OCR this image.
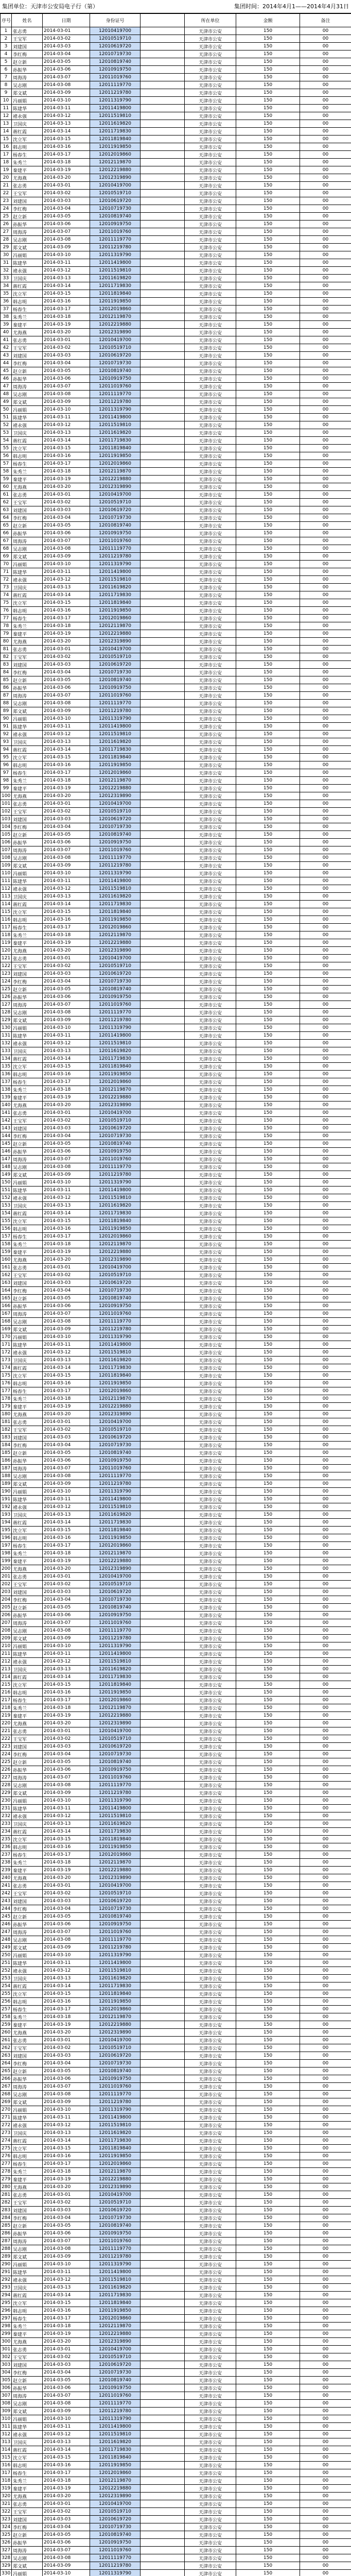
集团单位：天津市公安局电子行（第）	集团时间：2014年4月1——2014年4月31日
序号	姓名	日期	身份证号		所在单位	金额	备注
1	张志勇	2014-03-01	12010419700		天津市公安	150	00
2	王宝军	2014-03-02	12010519710		天津市公安	150	00
3	刘建国	2014-03-03	12010619720		天津市公安	150	00
4	李红梅	2014-03-04	12010719730		天津市公安	150	00
5	赵立新	2014-03-05	12010819740		天津市公安	150	00
6	孙振华	2014-03-06	12010919750		天津市公安	150	00
7	周海涛	2014-03-07	12011019760		天津市公安	150	00
8	吴志刚	2014-03-08	12011119770		天津市公安	150	00
9	郑文斌	2014-03-09	12011219780		天津市公安	150	00
10	冯丽娟	2014-03-10	12011319790		天津市公安	150	00
11	陈建华	2014-03-11	12011419800		天津市公安	150	00
12	褚永强	2014-03-12	12011519810		天津市公安	150	00
13	卫国庆	2014-03-13	12011619820		天津市公安	150	00
14	蒋红霞	2014-03-14	12011719830		天津市公安	150	00
15	沈立军	2014-03-15	12011819840		天津市公安	150	00
16	韩志明	2014-03-16	12011919850		天津市公安	150	00
17	杨春生	2014-03-17	12012019860		天津市公安	150	00
18	朱秀兰	2014-03-18	12012119870		天津市公安	150	00
19	秦建平	2014-03-19	12012219880		天津市公安	150	00
20	尤海燕	2014-03-20	12012319890		天津市公安	150	00
21	张志勇	2014-03-01	12010419700		天津市公安	150	00
22	王宝军	2014-03-02	12010519710		天津市公安	150	00
23	刘建国	2014-03-03	12010619720		天津市公安	150	00
24	李红梅	2014-03-04	12010719730		天津市公安	150	00
25	赵立新	2014-03-05	12010819740		天津市公安	150	00
26	孙振华	2014-03-06	12010919750		天津市公安	150	00
27	周海涛	2014-03-07	12011019760		天津市公安	150	00
28	吴志刚	2014-03-08	12011119770		天津市公安	150	00
29	郑文斌	2014-03-09	12011219780		天津市公安	150	00
30	冯丽娟	2014-03-10	12011319790		天津市公安	150	00
31	陈建华	2014-03-11	12011419800		天津市公安	150	00
32	褚永强	2014-03-12	12011519810		天津市公安	150	00
33	卫国庆	2014-03-13	12011619820		天津市公安	150	00
34	蒋红霞	2014-03-14	12011719830		天津市公安	150	00
35	沈立军	2014-03-15	12011819840		天津市公安	150	00
36	韩志明	2014-03-16	12011919850		天津市公安	150	00
37	杨春生	2014-03-17	12012019860		天津市公安	150	00
38	朱秀兰	2014-03-18	12012119870		天津市公安	150	00
39	秦建平	2014-03-19	12012219880		天津市公安	150	00
40	尤海燕	2014-03-20	12012319890		天津市公安	150	00
41	张志勇	2014-03-01	12010419700		天津市公安	150	00
42	王宝军	2014-03-02	12010519710		天津市公安	150	00
43	刘建国	2014-03-03	12010619720		天津市公安	150	00
44	李红梅	2014-03-04	12010719730		天津市公安	150	00
45	赵立新	2014-03-05	12010819740		天津市公安	150	00
46	孙振华	2014-03-06	12010919750		天津市公安	150	00
47	周海涛	2014-03-07	12011019760		天津市公安	150	00
48	吴志刚	2014-03-08	12011119770		天津市公安	150	00
49	郑文斌	2014-03-09	12011219780		天津市公安	150	00
50	冯丽娟	2014-03-10	12011319790		天津市公安	150	00
51	陈建华	2014-03-11	12011419800		天津市公安	150	00
52	褚永强	2014-03-12	12011519810		天津市公安	150	00
53	卫国庆	2014-03-13	12011619820		天津市公安	150	00
54	蒋红霞	2014-03-14	12011719830		天津市公安	150	00
55	沈立军	2014-03-15	12011819840		天津市公安	150	00
56	韩志明	2014-03-16	12011919850		天津市公安	150	00
57	杨春生	2014-03-17	12012019860		天津市公安	150	00
58	朱秀兰	2014-03-18	12012119870		天津市公安	150	00
59	秦建平	2014-03-19	12012219880		天津市公安	150	00
60	尤海燕	2014-03-20	12012319890		天津市公安	150	00
61	张志勇	2014-03-01	12010419700		天津市公安	150	00
62	王宝军	2014-03-02	12010519710		天津市公安	150	00
63	刘建国	2014-03-03	12010619720		天津市公安	150	00
64	李红梅	2014-03-04	12010719730		天津市公安	150	00
65	赵立新	2014-03-05	12010819740		天津市公安	150	00
66	孙振华	2014-03-06	12010919750		天津市公安	150	00
67	周海涛	2014-03-07	12011019760		天津市公安	150	00
68	吴志刚	2014-03-08	12011119770		天津市公安	150	00
69	郑文斌	2014-03-09	12011219780		天津市公安	150	00
70	冯丽娟	2014-03-10	12011319790		天津市公安	150	00
71	陈建华	2014-03-11	12011419800		天津市公安	150	00
72	褚永强	2014-03-12	12011519810		天津市公安	150	00
73	卫国庆	2014-03-13	12011619820		天津市公安	150	00
74	蒋红霞	2014-03-14	12011719830		天津市公安	150	00
75	沈立军	2014-03-15	12011819840		天津市公安	150	00
76	韩志明	2014-03-16	12011919850		天津市公安	150	00
77	杨春生	2014-03-17	12012019860		天津市公安	150	00
78	朱秀兰	2014-03-18	12012119870		天津市公安	150	00
79	秦建平	2014-03-19	12012219880		天津市公安	150	00
80	尤海燕	2014-03-20	12012319890		天津市公安	150	00
81	张志勇	2014-03-01	12010419700		天津市公安	150	00
82	王宝军	2014-03-02	12010519710		天津市公安	150	00
83	刘建国	2014-03-03	12010619720		天津市公安	150	00
84	李红梅	2014-03-04	12010719730		天津市公安	150	00
85	赵立新	2014-03-05	12010819740		天津市公安	150	00
86	孙振华	2014-03-06	12010919750		天津市公安	150	00
87	周海涛	2014-03-07	12011019760		天津市公安	150	00
88	吴志刚	2014-03-08	12011119770		天津市公安	150	00
89	郑文斌	2014-03-09	12011219780		天津市公安	150	00
90	冯丽娟	2014-03-10	12011319790		天津市公安	150	00
91	陈建华	2014-03-11	12011419800		天津市公安	150	00
92	褚永强	2014-03-12	12011519810		天津市公安	150	00
93	卫国庆	2014-03-13	12011619820		天津市公安	150	00
94	蒋红霞	2014-03-14	12011719830		天津市公安	150	00
95	沈立军	2014-03-15	12011819840		天津市公安	150	00
96	韩志明	2014-03-16	12011919850		天津市公安	150	00
97	杨春生	2014-03-17	12012019860		天津市公安	150	00
98	朱秀兰	2014-03-18	12012119870		天津市公安	150	00
99	秦建平	2014-03-19	12012219880		天津市公安	150	00
100	尤海燕	2014-03-20	12012319890		天津市公安	150	00
101	张志勇	2014-03-01	12010419700		天津市公安	150	00
102	王宝军	2014-03-02	12010519710		天津市公安	150	00
103	刘建国	2014-03-03	12010619720		天津市公安	150	00
104	李红梅	2014-03-04	12010719730		天津市公安	150	00
105	赵立新	2014-03-05	12010819740		天津市公安	150	00
106	孙振华	2014-03-06	12010919750		天津市公安	150	00
107	周海涛	2014-03-07	12011019760		天津市公安	150	00
108	吴志刚	2014-03-08	12011119770		天津市公安	150	00
109	郑文斌	2014-03-09	12011219780		天津市公安	150	00
110	冯丽娟	2014-03-10	12011319790		天津市公安	150	00
111	陈建华	2014-03-11	12011419800		天津市公安	150	00
112	褚永强	2014-03-12	12011519810		天津市公安	150	00
113	卫国庆	2014-03-13	12011619820		天津市公安	150	00
114	蒋红霞	2014-03-14	12011719830		天津市公安	150	00
115	沈立军	2014-03-15	12011819840		天津市公安	150	00
116	韩志明	2014-03-16	12011919850		天津市公安	150	00
117	杨春生	2014-03-17	12012019860		天津市公安	150	00
118	朱秀兰	2014-03-18	12012119870		天津市公安	150	00
119	秦建平	2014-03-19	12012219880		天津市公安	150	00
120	尤海燕	2014-03-20	12012319890		天津市公安	150	00
121	张志勇	2014-03-01	12010419700		天津市公安	150	00
122	王宝军	2014-03-02	12010519710		天津市公安	150	00
123	刘建国	2014-03-03	12010619720		天津市公安	150	00
124	李红梅	2014-03-04	12010719730		天津市公安	150	00
125	赵立新	2014-03-05	12010819740		天津市公安	150	00
126	孙振华	2014-03-06	12010919750		天津市公安	150	00
127	周海涛	2014-03-07	12011019760		天津市公安	150	00
128	吴志刚	2014-03-08	12011119770		天津市公安	150	00
129	郑文斌	2014-03-09	12011219780		天津市公安	150	00
130	冯丽娟	2014-03-10	12011319790		天津市公安	150	00
131	陈建华	2014-03-11	12011419800		天津市公安	150	00
132	褚永强	2014-03-12	12011519810		天津市公安	150	00
133	卫国庆	2014-03-13	12011619820		天津市公安	150	00
134	蒋红霞	2014-03-14	12011719830		天津市公安	150	00
135	沈立军	2014-03-15	12011819840		天津市公安	150	00
136	韩志明	2014-03-16	12011919850		天津市公安	150	00
137	杨春生	2014-03-17	12012019860		天津市公安	150	00
138	朱秀兰	2014-03-18	12012119870		天津市公安	150	00
139	秦建平	2014-03-19	12012219880		天津市公安	150	00
140	尤海燕	2014-03-20	12012319890		天津市公安	150	00
141	张志勇	2014-03-01	12010419700		天津市公安	150	00
142	王宝军	2014-03-02	12010519710		天津市公安	150	00
143	刘建国	2014-03-03	12010619720		天津市公安	150	00
144	李红梅	2014-03-04	12010719730		天津市公安	150	00
145	赵立新	2014-03-05	12010819740		天津市公安	150	00
146	孙振华	2014-03-06	12010919750		天津市公安	150	00
147	周海涛	2014-03-07	12011019760		天津市公安	150	00
148	吴志刚	2014-03-08	12011119770		天津市公安	150	00
149	郑文斌	2014-03-09	12011219780		天津市公安	150	00
150	冯丽娟	2014-03-10	12011319790		天津市公安	150	00
151	陈建华	2014-03-11	12011419800		天津市公安	150	00
152	褚永强	2014-03-12	12011519810		天津市公安	150	00
153	卫国庆	2014-03-13	12011619820		天津市公安	150	00
154	蒋红霞	2014-03-14	12011719830		天津市公安	150	00
155	沈立军	2014-03-15	12011819840		天津市公安	150	00
156	韩志明	2014-03-16	12011919850		天津市公安	150	00
157	杨春生	2014-03-17	12012019860		天津市公安	150	00
158	朱秀兰	2014-03-18	12012119870		天津市公安	150	00
159	秦建平	2014-03-19	12012219880		天津市公安	150	00
160	尤海燕	2014-03-20	12012319890		天津市公安	150	00
161	张志勇	2014-03-01	12010419700		天津市公安	150	00
162	王宝军	2014-03-02	12010519710		天津市公安	150	00
163	刘建国	2014-03-03	12010619720		天津市公安	150	00
164	李红梅	2014-03-04	12010719730		天津市公安	150	00
165	赵立新	2014-03-05	12010819740		天津市公安	150	00
166	孙振华	2014-03-06	12010919750		天津市公安	150	00
167	周海涛	2014-03-07	12011019760		天津市公安	150	00
168	吴志刚	2014-03-08	12011119770		天津市公安	150	00
169	郑文斌	2014-03-09	12011219780		天津市公安	150	00
170	冯丽娟	2014-03-10	12011319790		天津市公安	150	00
171	陈建华	2014-03-11	12011419800		天津市公安	150	00
172	褚永强	2014-03-12	12011519810		天津市公安	150	00
173	卫国庆	2014-03-13	12011619820		天津市公安	150	00
174	蒋红霞	2014-03-14	12011719830		天津市公安	150	00
175	沈立军	2014-03-15	12011819840		天津市公安	150	00
176	韩志明	2014-03-16	12011919850		天津市公安	150	00
177	杨春生	2014-03-17	12012019860		天津市公安	150	00
178	朱秀兰	2014-03-18	12012119870		天津市公安	150	00
179	秦建平	2014-03-19	12012219880		天津市公安	150	00
180	尤海燕	2014-03-20	12012319890		天津市公安	150	00
181	张志勇	2014-03-01	12010419700		天津市公安	150	00
182	王宝军	2014-03-02	12010519710		天津市公安	150	00
183	刘建国	2014-03-03	12010619720		天津市公安	150	00
184	李红梅	2014-03-04	12010719730		天津市公安	150	00
185	赵立新	2014-03-05	12010819740		天津市公安	150	00
186	孙振华	2014-03-06	12010919750		天津市公安	150	00
187	周海涛	2014-03-07	12011019760		天津市公安	150	00
188	吴志刚	2014-03-08	12011119770		天津市公安	150	00
189	郑文斌	2014-03-09	12011219780		天津市公安	150	00
190	冯丽娟	2014-03-10	12011319790		天津市公安	150	00
191	陈建华	2014-03-11	12011419800		天津市公安	150	00
192	褚永强	2014-03-12	12011519810		天津市公安	150	00
193	卫国庆	2014-03-13	12011619820		天津市公安	150	00
194	蒋红霞	2014-03-14	12011719830		天津市公安	150	00
195	沈立军	2014-03-15	12011819840		天津市公安	150	00
196	韩志明	2014-03-16	12011919850		天津市公安	150	00
197	杨春生	2014-03-17	12012019860		天津市公安	150	00
198	朱秀兰	2014-03-18	12012119870		天津市公安	150	00
199	秦建平	2014-03-19	12012219880		天津市公安	150	00
200	尤海燕	2014-03-20	12012319890		天津市公安	150	00
201	张志勇	2014-03-01	12010419700		天津市公安	150	00
202	王宝军	2014-03-02	12010519710		天津市公安	150	00
203	刘建国	2014-03-03	12010619720		天津市公安	150	00
204	李红梅	2014-03-04	12010719730		天津市公安	150	00
205	赵立新	2014-03-05	12010819740		天津市公安	150	00
206	孙振华	2014-03-06	12010919750		天津市公安	150	00
207	周海涛	2014-03-07	12011019760		天津市公安	150	00
208	吴志刚	2014-03-08	12011119770		天津市公安	150	00
209	郑文斌	2014-03-09	12011219780		天津市公安	150	00
210	冯丽娟	2014-03-10	12011319790		天津市公安	150	00
211	陈建华	2014-03-11	12011419800		天津市公安	150	00
212	褚永强	2014-03-12	12011519810		天津市公安	150	00
213	卫国庆	2014-03-13	12011619820		天津市公安	150	00
214	蒋红霞	2014-03-14	12011719830		天津市公安	150	00
215	沈立军	2014-03-15	12011819840		天津市公安	150	00
216	韩志明	2014-03-16	12011919850		天津市公安	150	00
217	杨春生	2014-03-17	12012019860		天津市公安	150	00
218	朱秀兰	2014-03-18	12012119870		天津市公安	150	00
219	秦建平	2014-03-19	12012219880		天津市公安	150	00
220	尤海燕	2014-03-20	12012319890		天津市公安	150	00
221	张志勇	2014-03-01	12010419700		天津市公安	150	00
222	王宝军	2014-03-02	12010519710		天津市公安	150	00
223	刘建国	2014-03-03	12010619720		天津市公安	150	00
224	李红梅	2014-03-04	12010719730		天津市公安	150	00
225	赵立新	2014-03-05	12010819740		天津市公安	150	00
226	孙振华	2014-03-06	12010919750		天津市公安	150	00
227	周海涛	2014-03-07	12011019760		天津市公安	150	00
228	吴志刚	2014-03-08	12011119770		天津市公安	150	00
229	郑文斌	2014-03-09	12011219780		天津市公安	150	00
230	冯丽娟	2014-03-10	12011319790		天津市公安	150	00
231	陈建华	2014-03-11	12011419800		天津市公安	150	00
232	褚永强	2014-03-12	12011519810		天津市公安	150	00
233	卫国庆	2014-03-13	12011619820		天津市公安	150	00
234	蒋红霞	2014-03-14	12011719830		天津市公安	150	00
235	沈立军	2014-03-15	12011819840		天津市公安	150	00
236	韩志明	2014-03-16	12011919850		天津市公安	150	00
237	杨春生	2014-03-17	12012019860		天津市公安	150	00
238	朱秀兰	2014-03-18	12012119870		天津市公安	150	00
239	秦建平	2014-03-19	12012219880		天津市公安	150	00
240	尤海燕	2014-03-20	12012319890		天津市公安	150	00
241	张志勇	2014-03-01	12010419700		天津市公安	150	00
242	王宝军	2014-03-02	12010519710		天津市公安	150	00
243	刘建国	2014-03-03	12010619720		天津市公安	150	00
244	李红梅	2014-03-04	12010719730		天津市公安	150	00
245	赵立新	2014-03-05	12010819740		天津市公安	150	00
246	孙振华	2014-03-06	12010919750		天津市公安	150	00
247	周海涛	2014-03-07	12011019760		天津市公安	150	00
248	吴志刚	2014-03-08	12011119770		天津市公安	150	00
249	郑文斌	2014-03-09	12011219780		天津市公安	150	00
250	冯丽娟	2014-03-10	12011319790		天津市公安	150	00
251	陈建华	2014-03-11	12011419800		天津市公安	150	00
252	褚永强	2014-03-12	12011519810		天津市公安	150	00
253	卫国庆	2014-03-13	12011619820		天津市公安	150	00
254	蒋红霞	2014-03-14	12011719830		天津市公安	150	00
255	沈立军	2014-03-15	12011819840		天津市公安	150	00
256	韩志明	2014-03-16	12011919850		天津市公安	150	00
257	杨春生	2014-03-17	12012019860		天津市公安	150	00
258	朱秀兰	2014-03-18	12012119870		天津市公安	150	00
259	秦建平	2014-03-19	12012219880		天津市公安	150	00
260	尤海燕	2014-03-20	12012319890		天津市公安	150	00
261	张志勇	2014-03-01	12010419700		天津市公安	150	00
262	王宝军	2014-03-02	12010519710		天津市公安	150	00
263	刘建国	2014-03-03	12010619720		天津市公安	150	00
264	李红梅	2014-03-04	12010719730		天津市公安	150	00
265	赵立新	2014-03-05	12010819740		天津市公安	150	00
266	孙振华	2014-03-06	12010919750		天津市公安	150	00
267	周海涛	2014-03-07	12011019760		天津市公安	150	00
268	吴志刚	2014-03-08	12011119770		天津市公安	150	00
269	郑文斌	2014-03-09	12011219780		天津市公安	150	00
270	冯丽娟	2014-03-10	12011319790		天津市公安	150	00
271	陈建华	2014-03-11	12011419800		天津市公安	150	00
272	褚永强	2014-03-12	12011519810		天津市公安	150	00
273	卫国庆	2014-03-13	12011619820		天津市公安	150	00
274	蒋红霞	2014-03-14	12011719830		天津市公安	150	00
275	沈立军	2014-03-15	12011819840		天津市公安	150	00
276	韩志明	2014-03-16	12011919850		天津市公安	150	00
277	杨春生	2014-03-17	12012019860		天津市公安	150	00
278	朱秀兰	2014-03-18	12012119870		天津市公安	150	00
279	秦建平	2014-03-19	12012219880		天津市公安	150	00
280	尤海燕	2014-03-20	12012319890		天津市公安	150	00
281	张志勇	2014-03-01	12010419700		天津市公安	150	00
282	王宝军	2014-03-02	12010519710		天津市公安	150	00
283	刘建国	2014-03-03	12010619720		天津市公安	150	00
284	李红梅	2014-03-04	12010719730		天津市公安	150	00
285	赵立新	2014-03-05	12010819740		天津市公安	150	00
286	孙振华	2014-03-06	12010919750		天津市公安	150	00
287	周海涛	2014-03-07	12011019760		天津市公安	150	00
288	吴志刚	2014-03-08	12011119770		天津市公安	150	00
289	郑文斌	2014-03-09	12011219780		天津市公安	150	00
290	冯丽娟	2014-03-10	12011319790		天津市公安	150	00
291	陈建华	2014-03-11	12011419800		天津市公安	150	00
292	褚永强	2014-03-12	12011519810		天津市公安	150	00
293	卫国庆	2014-03-13	12011619820		天津市公安	150	00
294	蒋红霞	2014-03-14	12011719830		天津市公安	150	00
295	沈立军	2014-03-15	12011819840		天津市公安	150	00
296	韩志明	2014-03-16	12011919850		天津市公安	150	00
297	杨春生	2014-03-17	12012019860		天津市公安	150	00
298	朱秀兰	2014-03-18	12012119870		天津市公安	150	00
299	秦建平	2014-03-19	12012219880		天津市公安	150	00
300	尤海燕	2014-03-20	12012319890		天津市公安	150	00
301	张志勇	2014-03-01	12010419700		天津市公安	150	00
302	王宝军	2014-03-02	12010519710		天津市公安	150	00
303	刘建国	2014-03-03	12010619720		天津市公安	150	00
304	李红梅	2014-03-04	12010719730		天津市公安	150	00
305	赵立新	2014-03-05	12010819740		天津市公安	150	00
306	孙振华	2014-03-06	12010919750		天津市公安	150	00
307	周海涛	2014-03-07	12011019760		天津市公安	150	00
308	吴志刚	2014-03-08	12011119770		天津市公安	150	00
309	郑文斌	2014-03-09	12011219780		天津市公安	150	00
310	冯丽娟	2014-03-10	12011319790		天津市公安	150	00
311	陈建华	2014-03-11	12011419800		天津市公安	150	00
312	褚永强	2014-03-12	12011519810		天津市公安	150	00
313	卫国庆	2014-03-13	12011619820		天津市公安	150	00
314	蒋红霞	2014-03-14	12011719830		天津市公安	150	00
315	沈立军	2014-03-15	12011819840		天津市公安	150	00
316	韩志明	2014-03-16	12011919850		天津市公安	150	00
317	杨春生	2014-03-17	12012019860		天津市公安	150	00
318	朱秀兰	2014-03-18	12012119870		天津市公安	150	00
319	秦建平	2014-03-19	12012219880		天津市公安	150	00
320	尤海燕	2014-03-20	12012319890		天津市公安	150	00
321	张志勇	2014-03-01	12010419700		天津市公安	150	00
322	王宝军	2014-03-02	12010519710		天津市公安	150	00
323	刘建国	2014-03-03	12010619720		天津市公安	150	00
324	李红梅	2014-03-04	12010719730		天津市公安	150	00
325	赵立新	2014-03-05	12010819740		天津市公安	150	00
326	孙振华	2014-03-06	12010919750		天津市公安	150	00
327	周海涛	2014-03-07	12011019760		天津市公安	150	00
328	吴志刚	2014-03-08	12011119770		天津市公安	150	00
329	郑文斌	2014-03-09	12011219780		天津市公安	150	00
330	冯丽娟	2014-03-10	12011319790		天津市公安	150	00
